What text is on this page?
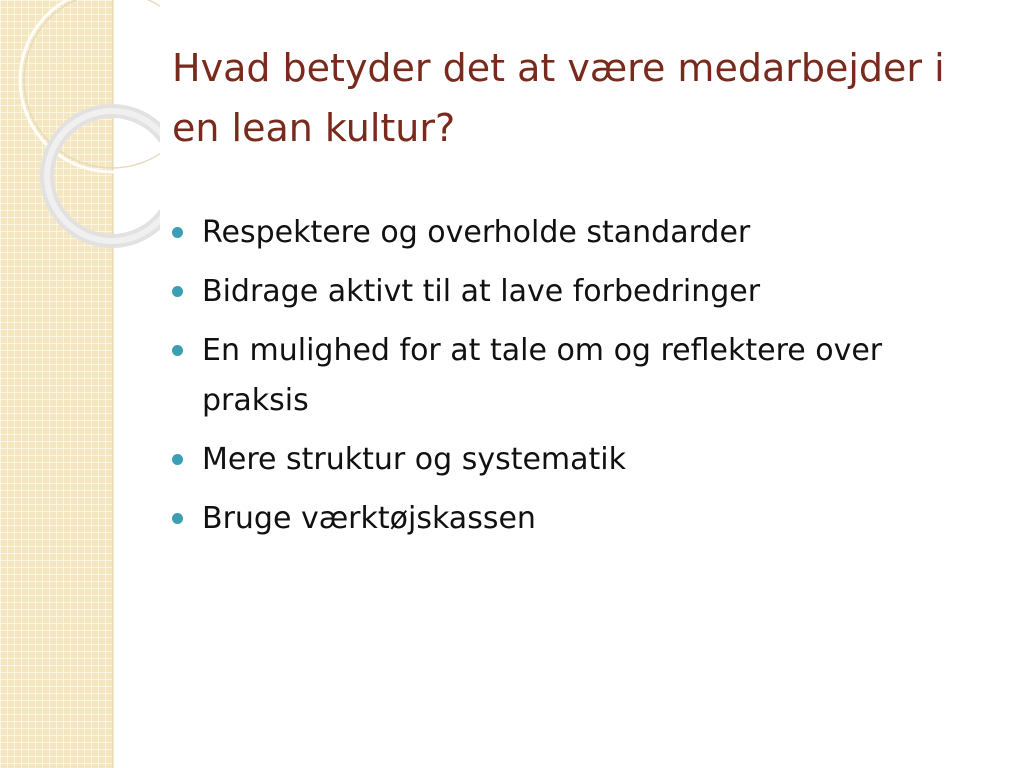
Hvad betyder det at være medarbejder i en lean kultur?
Respektere og overholde standarder
Bidrage aktivt til at lave forbedringer
En mulighed for at tale om og reflektere over praksis
Mere struktur og systematik
Bruge værktøjskassen
